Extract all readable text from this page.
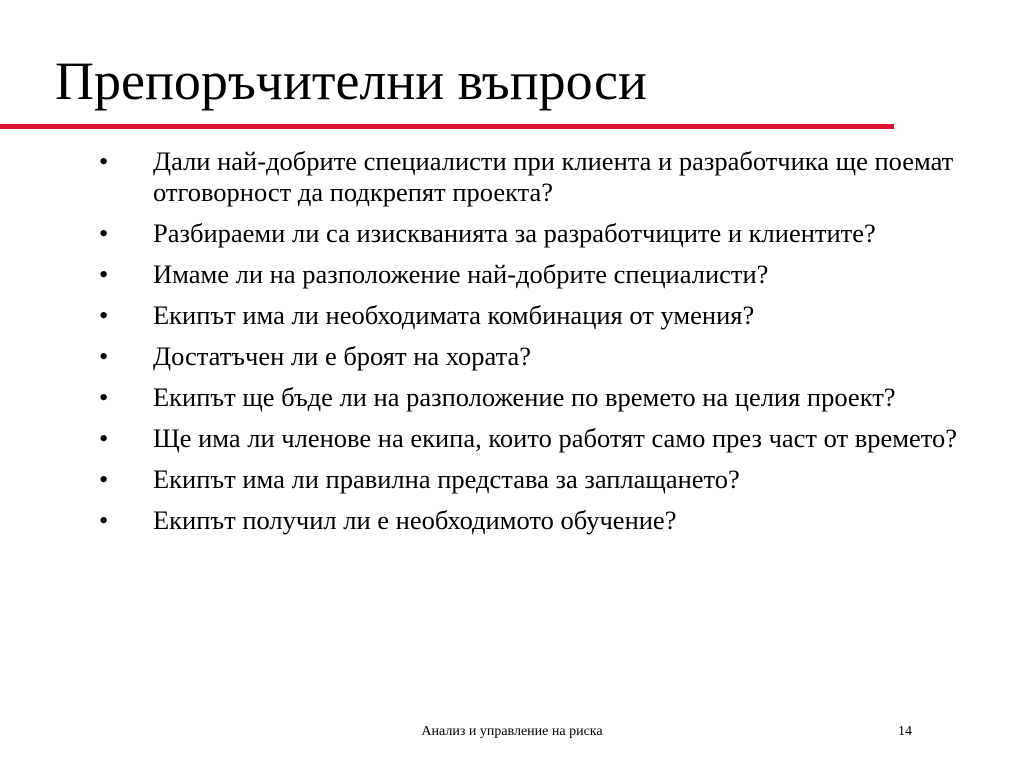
Препоръчителни въпроси
• Дали най-добрите специалисти при клиента и разработчика ще поемат отговорност да подкрепят проекта?
• Разбираеми ли са изискванията за разработчиците и клиентите?
• Имаме ли на разположение най-добрите специалисти?
• Екипът има ли необходимата комбинация от умения?
• Достатъчен ли е броят на хората?
• Екипът ще бъде ли на разположение по времето на целия проект?
• Ще има ли членове на екипа, които работят само през част от времето?
• Екипът има ли правилна представа за заплащането?
• Екипът получил ли е необходимото обучение?
Анализ и управление на риска	14
